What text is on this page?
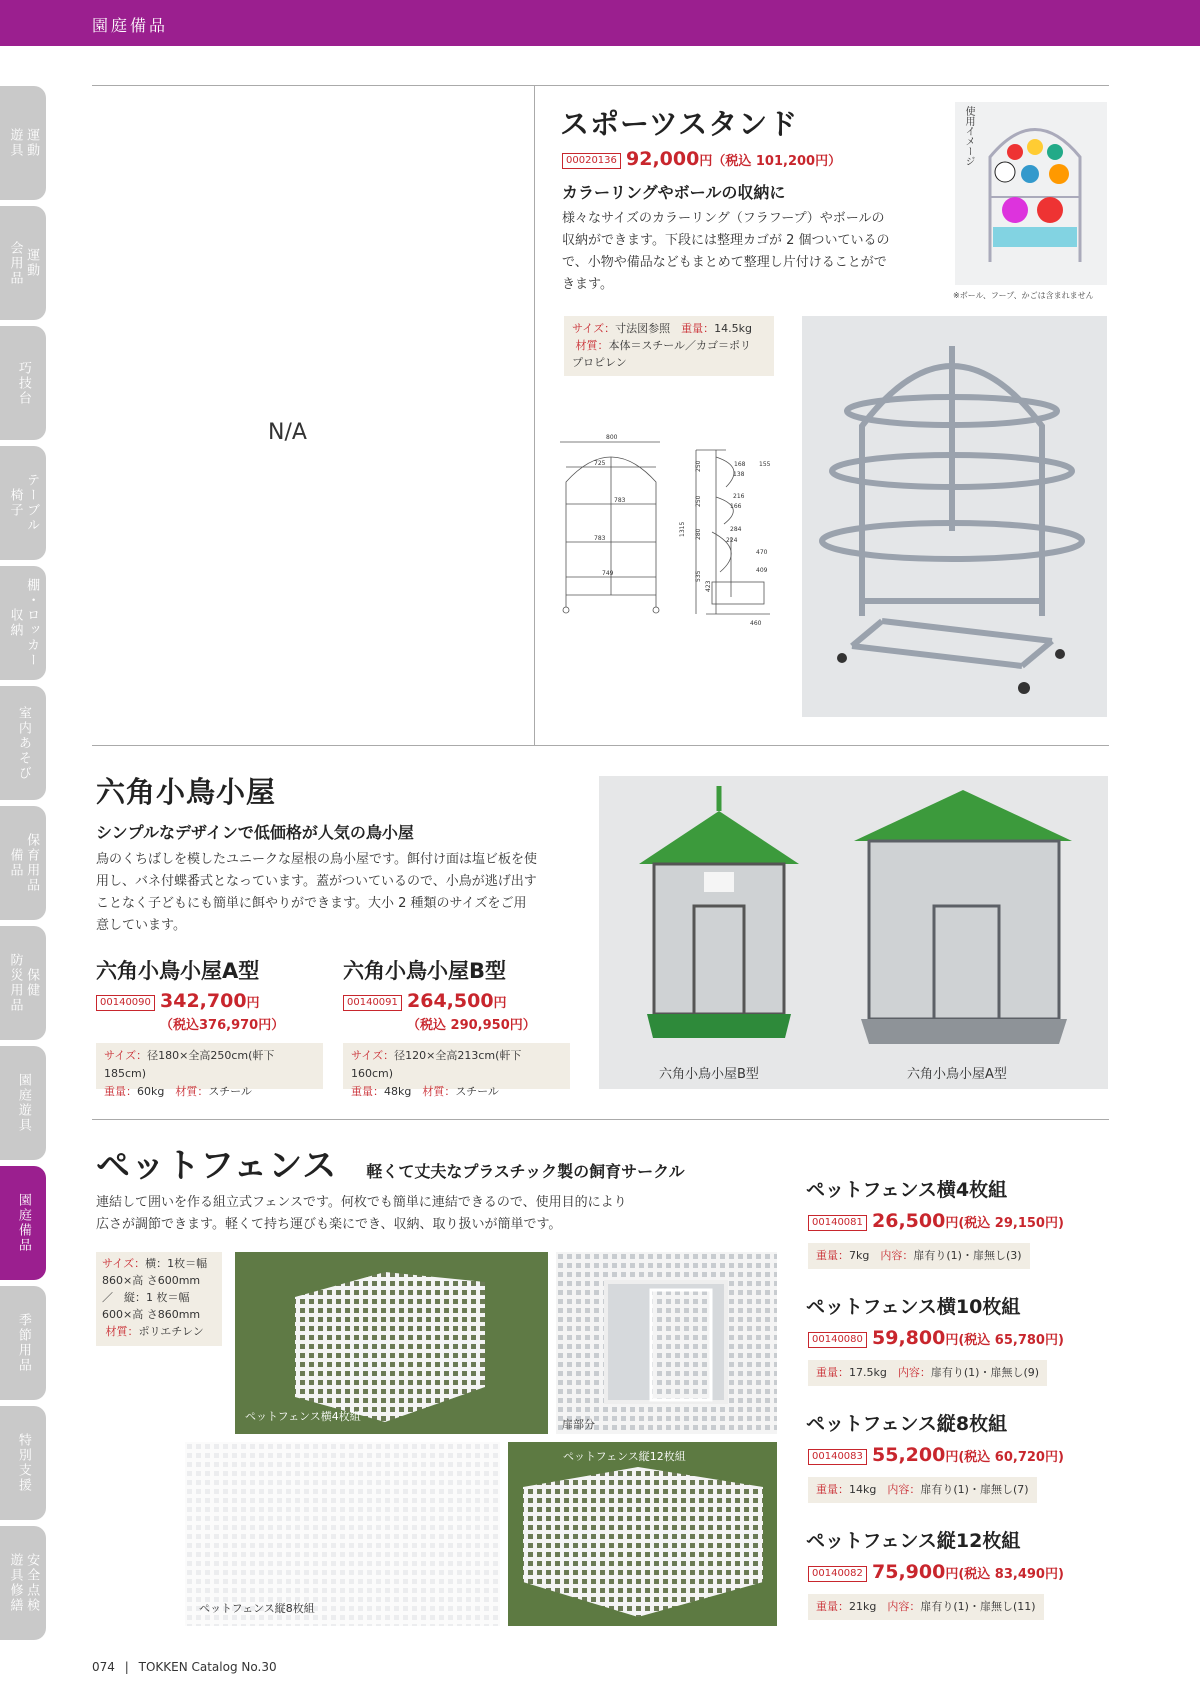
園庭備品
運動
遊具
運動
会用品
巧技台
テーブル
椅子
棚・ロッカー
収納
室内あそび
保育用品
備品
保健
防災用品
園庭遊具
園庭備品
季節用品
特別支援
安全点検
遊具修繕
N/A
スポーツスタンド
00020136 92,000円（税込 101,200円）
カラーリングやボールの収納に
様々なサイズのカラーリング（フラフープ）やボールの
収納ができます。下段には整理カゴが 2 個ついているの
で、小物や備品などもまとめて整理し片付けることがで
きます。
使用イメージ
※ボール、フープ、かごは含まれません
サイズ：寸法図参照　 重量：14.5kg
材質：本体＝スチール／カゴ＝ポリ
プロピレン
800
725
783
783
749
1315
250
250
280
535
423
168 155
138
216
166
284
224
470
409
460
六角小鳥小屋
シンプルなデザインで低価格が人気の鳥小屋
鳥のくちばしを模したユニークな屋根の鳥小屋です。餌付け面は塩ビ板を使
用し、バネ付蝶番式となっています。蓋がついているので、小鳥が逃げ出す
ことなく子どもにも簡単に餌やりができます。大小 2 種類のサイズをご用
意しています。
六角小鳥小屋A型
00140090 342,700円
（税込376,970円）
サイズ：径180×全高250cm(軒下185cm)
重量：60kg　 材質：スチール
六角小鳥小屋B型
00140091 264,500円
（税込 290,950円）
サイズ：径120×全高213cm(軒下160cm)
重量：48kg　 材質：スチール
六角小鳥小屋B型	六角小鳥小屋A型
ペットフェンス 軽くて丈夫なプラスチック製の飼育サークル
連結して囲いを作る組立式フェンスです。何枚でも簡単に連結できるので、使用目的により
広さが調節できます。軽くて持ち運びも楽にでき、収納、取り扱いが簡単です。
サイズ：横：1枚＝幅
860×高 さ600mm
／　縦：1 枚＝幅
600×高 さ860mm
材質：ポリエチレン
ペットフェンス横4枚組
扉部分
ペットフェンス縦8枚組
ペットフェンス縦12枚組
ペットフェンス横4枚組
00140081 26,500円(税込 29,150円)
重量：7kg　 内容：扉有り(1)・扉無し(3)
ペットフェンス横10枚組
00140080 59,800円(税込 65,780円)
重量：17.5kg　 内容：扉有り(1)・扉無し(9)
ペットフェンス縦8枚組
00140083 55,200円(税込 60,720円)
重量：14kg　 内容：扉有り(1)・扉無し(7)
ペットフェンス縦12枚組
00140082 75,900円(税込 83,490円)
重量：21kg　 内容：扉有り(1)・扉無し(11)
074 | TOKKEN Catalog No.30
